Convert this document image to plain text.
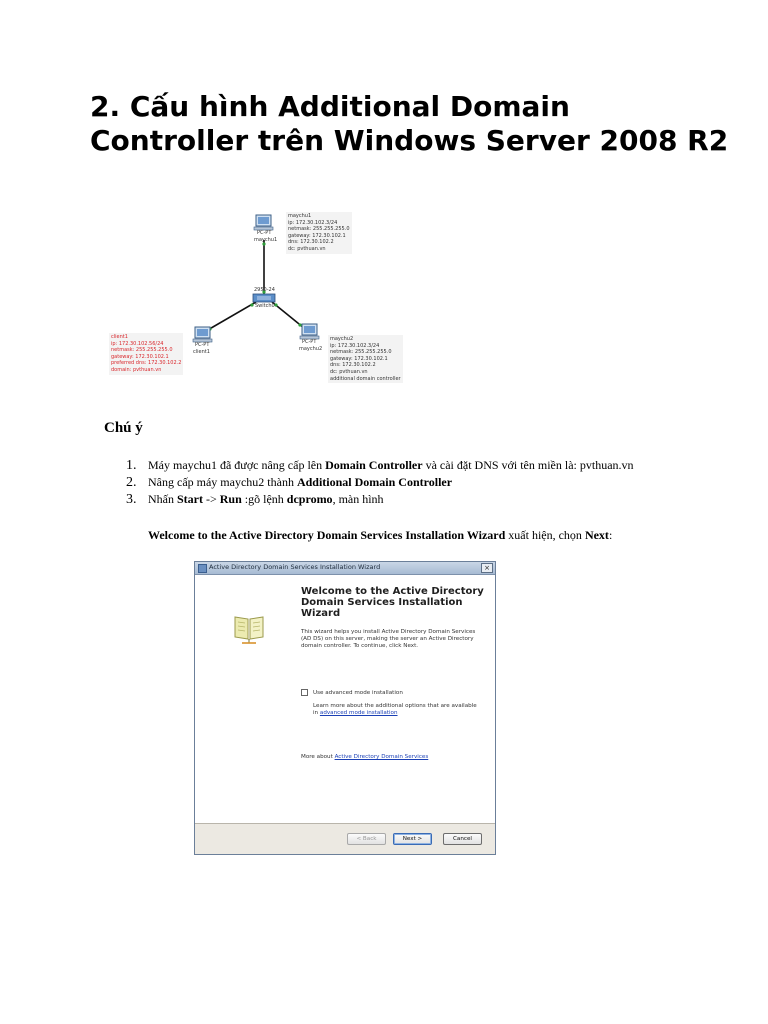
2. Cấu hình Additional Domain Controller trên Windows Server 2008 R2
PC-PT
maychu1
2950-24
Switch0
PC-PT
client1
PC-PT
maychu2
maychu1
ip: 172.30.102.3/24
netmask: 255.255.255.0
gateway: 172.30.102.1
dns: 172.30.102.2
dc: pvthuan.vn
client1
ip: 172.30.102.56/24
netmask: 255.255.255.0
gateway: 172.30.102.1
preferred dns: 172.30.102.2
domain: pvthuan.vn
maychu2
ip: 172.30.102.3/24
netmask: 255.255.255.0
gateway: 172.30.102.1
dns: 172.30.102.2
dc: pvthuan.vn
additional domain controller
Chú ý
1. Máy maychu1 đã được nâng cấp lên Domain Controller và cài đặt DNS với tên miền là: pvthuan.vn
2. Nâng cấp máy maychu2 thành Additional Domain Controller
3. Nhấn Start -> Run :gõ lệnh dcpromo, màn hình
Welcome to the Active Directory Domain Services Installation Wizard xuất hiện, chọn Next:
Active Directory Domain Services Installation Wizard	×

Welcome to the Active Directory Domain Services Installation Wizard

This wizard helps you install Active Directory Domain Services (AD DS) on this server, making the server an Active Directory domain controller. To continue, click Next.

Use advanced mode installation
Learn more about the additional options that are available in advanced mode installation
More about Active Directory Domain Services
< Back	Next >	Cancel
